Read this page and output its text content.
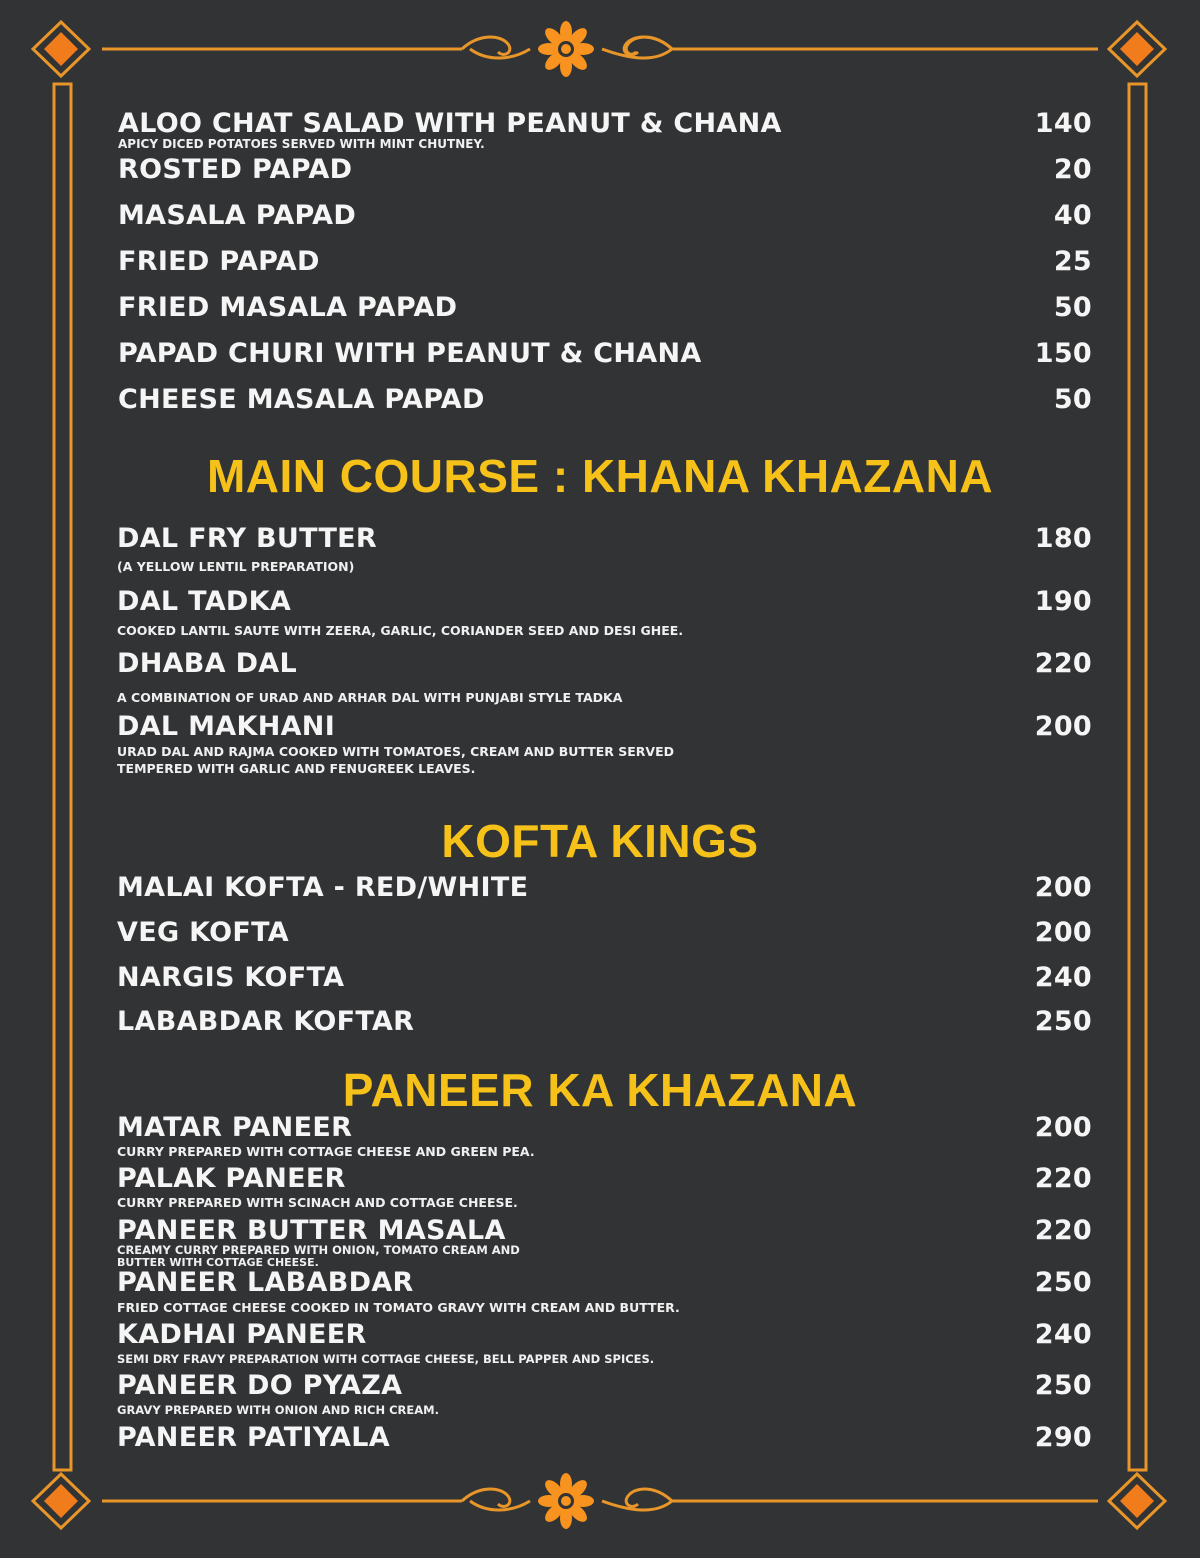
ALOO CHAT SALAD WITH PEANUT & CHANA	140
APICY DICED POTATOES SERVED WITH MINT CHUTNEY.
ROSTED PAPAD	20
MASALA PAPAD	40
FRIED PAPAD	25
FRIED MASALA PAPAD	50
PAPAD CHURI WITH PEANUT & CHANA	150
CHEESE MASALA PAPAD	50
MAIN COURSE : KHANA KHAZANA
DAL FRY BUTTER	180
(A YELLOW LENTIL PREPARATION)
DAL TADKA	190
COOKED LANTIL SAUTE WITH ZEERA, GARLIC, CORIANDER SEED AND DESI GHEE.
DHABA DAL	220
A COMBINATION OF URAD AND ARHAR DAL WITH PUNJABI STYLE TADKA
DAL MAKHANI	200
URAD DAL AND RAJMA COOKED WITH TOMATOES, CREAM AND BUTTER SERVED
TEMPERED WITH GARLIC AND FENUGREEK LEAVES.
KOFTA KINGS
MALAI KOFTA - RED/WHITE	200
VEG KOFTA	200
NARGIS KOFTA	240
LABABDAR KOFTAR	250
PANEER KA KHAZANA
MATAR PANEER	200
CURRY PREPARED WITH COTTAGE CHEESE AND GREEN PEA.
PALAK PANEER	220
CURRY PREPARED WITH SCINACH AND COTTAGE CHEESE.
PANEER BUTTER MASALA	220
CREAMY CURRY PREPARED WITH ONION, TOMATO CREAM AND
BUTTER WITH COTTAGE CHEESE.
PANEER LABABDAR	250
FRIED COTTAGE CHEESE COOKED IN TOMATO GRAVY WITH CREAM AND BUTTER.
KADHAI PANEER	240
SEMI DRY FRAVY PREPARATION WITH COTTAGE CHEESE, BELL PAPPER AND SPICES.
PANEER DO PYAZA	250
GRAVY PREPARED WITH ONION AND RICH CREAM.
PANEER PATIYALA	290
